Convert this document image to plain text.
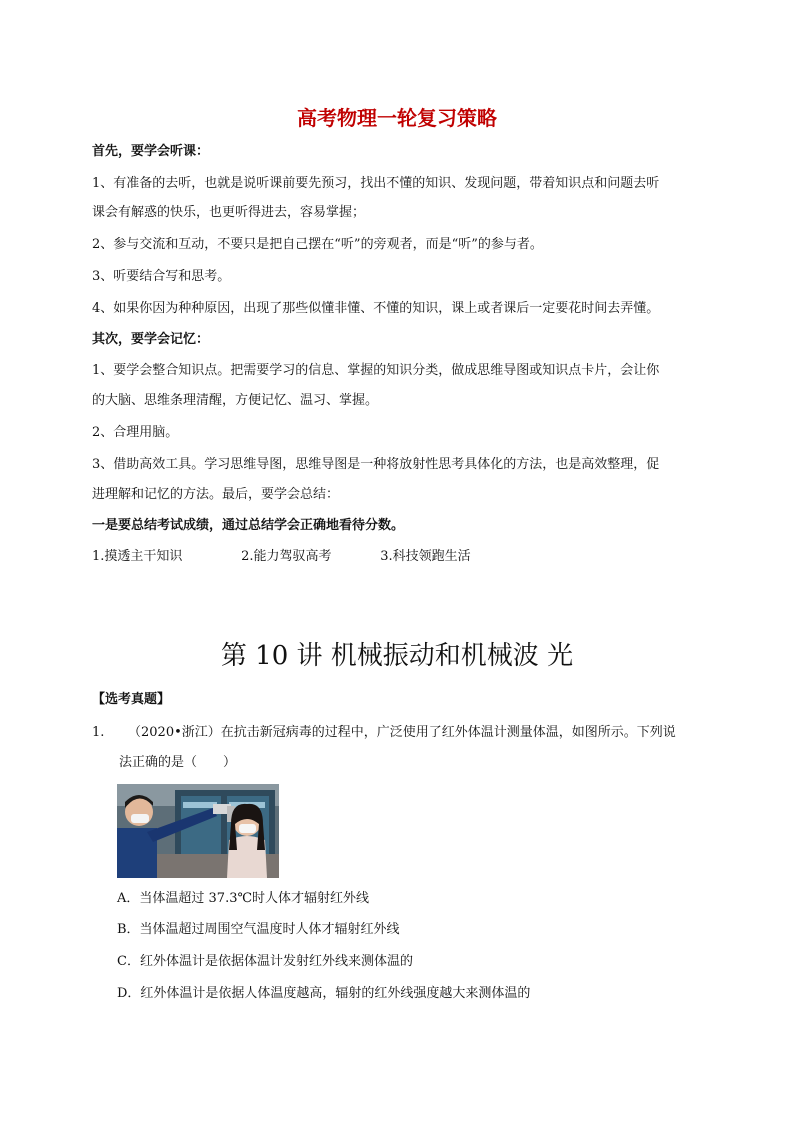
高考物理一轮复习策略

首先，要学会听课：

1、有准备的去听，也就是说听课前要先预习，找出不懂的知识、发现问题，带着知识点和问题去听

课会有解惑的快乐，也更听得进去，容易掌握；

2、参与交流和互动，不要只是把自己摆在“听”的旁观者，而是“听”的参与者。

3、听要结合写和思考。

4、如果你因为种种原因，出现了那些似懂非懂、不懂的知识，课上或者课后一定要花时间去弄懂。

其次，要学会记忆：

1、要学会整合知识点。把需要学习的信息、掌握的知识分类，做成思维导图或知识点卡片，会让你

的大脑、思维条理清醒，方便记忆、温习、掌握。

2、合理用脑。

3、借助高效工具。学习思维导图，思维导图是一种将放射性思考具体化的方法，也是高效整理，促

进理解和记忆的方法。最后，要学会总结：

一是要总结考试成绩，通过总结学会正确地看待分数。

1.摸透主干知识	2.能力驾驭高考	3.科技领跑生活
第 10 讲 机械振动和机械波 光
【选考真题】
1. （2020•浙江）在抗击新冠病毒的过程中，广泛使用了红外体温计测量体温，如图所示。下列说
法正确的是（　　）
A．当体温超过 37.3℃时人体才辐射红外线
B．当体温超过周围空气温度时人体才辐射红外线
C．红外体温计是依据体温计发射红外线来测体温的
D．红外体温计是依据人体温度越高，辐射的红外线强度越大来测体温的
